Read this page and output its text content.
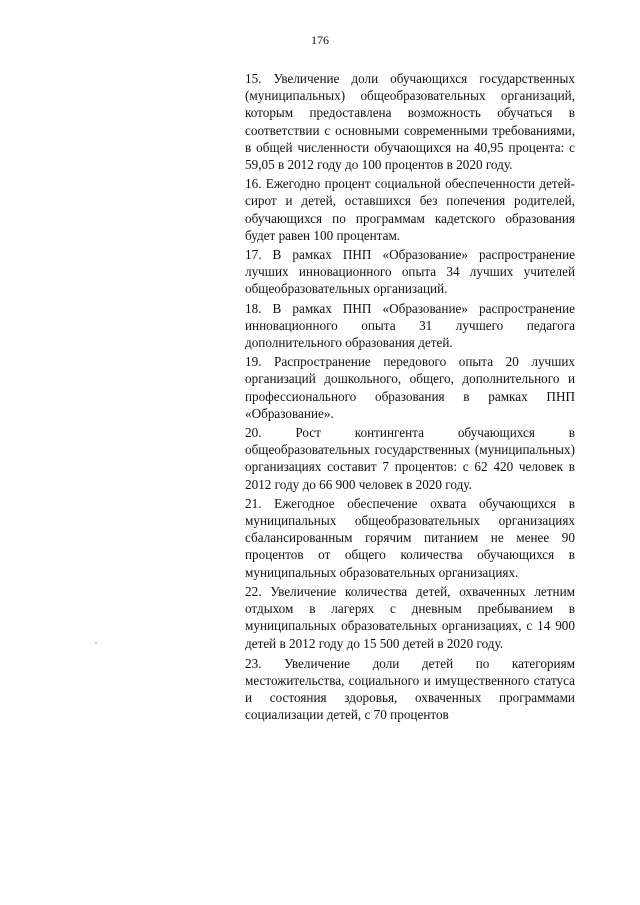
176

15. Увеличение доли обучающихся государственных (муниципальных) общеобразовательных организаций, которым предоставлена возможность обучаться в соответствии с основными современными требованиями, в общей численности обучающихся на 40,95 процента: с 59,05 в 2012 году до 100 процентов в 2020 году.

16. Ежегодно процент социальной обеспеченности детей-сирот и детей, оставшихся без попечения родителей, обучающихся по программам кадетского образования будет равен 100 процентам.

17. В рамках ПНП «Образование» распространение лучших инновационного опыта 34 лучших учителей общеобразовательных организаций.

18. В рамках ПНП «Образование» распространение инновационного опыта 31 лучшего педагога дополнительного образования детей.

19. Распространение передового опыта 20 лучших организаций дошкольного, общего, дополнительного и профессионального образования в рамках ПНП «Образование».

20. Рост контингента обучающихся в общеобразовательных государственных (муниципальных) организациях составит 7 процентов: с 62 420 человек в 2012 году до 66 900 человек в 2020 году.

21. Ежегодное обеспечение охвата обучающихся в муниципальных общеобразовательных организациях сбалансированным горячим питанием не менее 90 процентов от общего количества обучающихся в муниципальных образовательных организациях.

22. Увеличение количества детей, охваченных летним отдыхом в лагерях с дневным пребыванием в муниципальных образовательных организациях, с 14 900 детей в 2012 году до 15 500 детей в 2020 году.

23. Увеличение доли детей по категориям местожительства, социального и имущественного статуса и состояния здоровья, охваченных программами социализации детей, с 70 процентов
